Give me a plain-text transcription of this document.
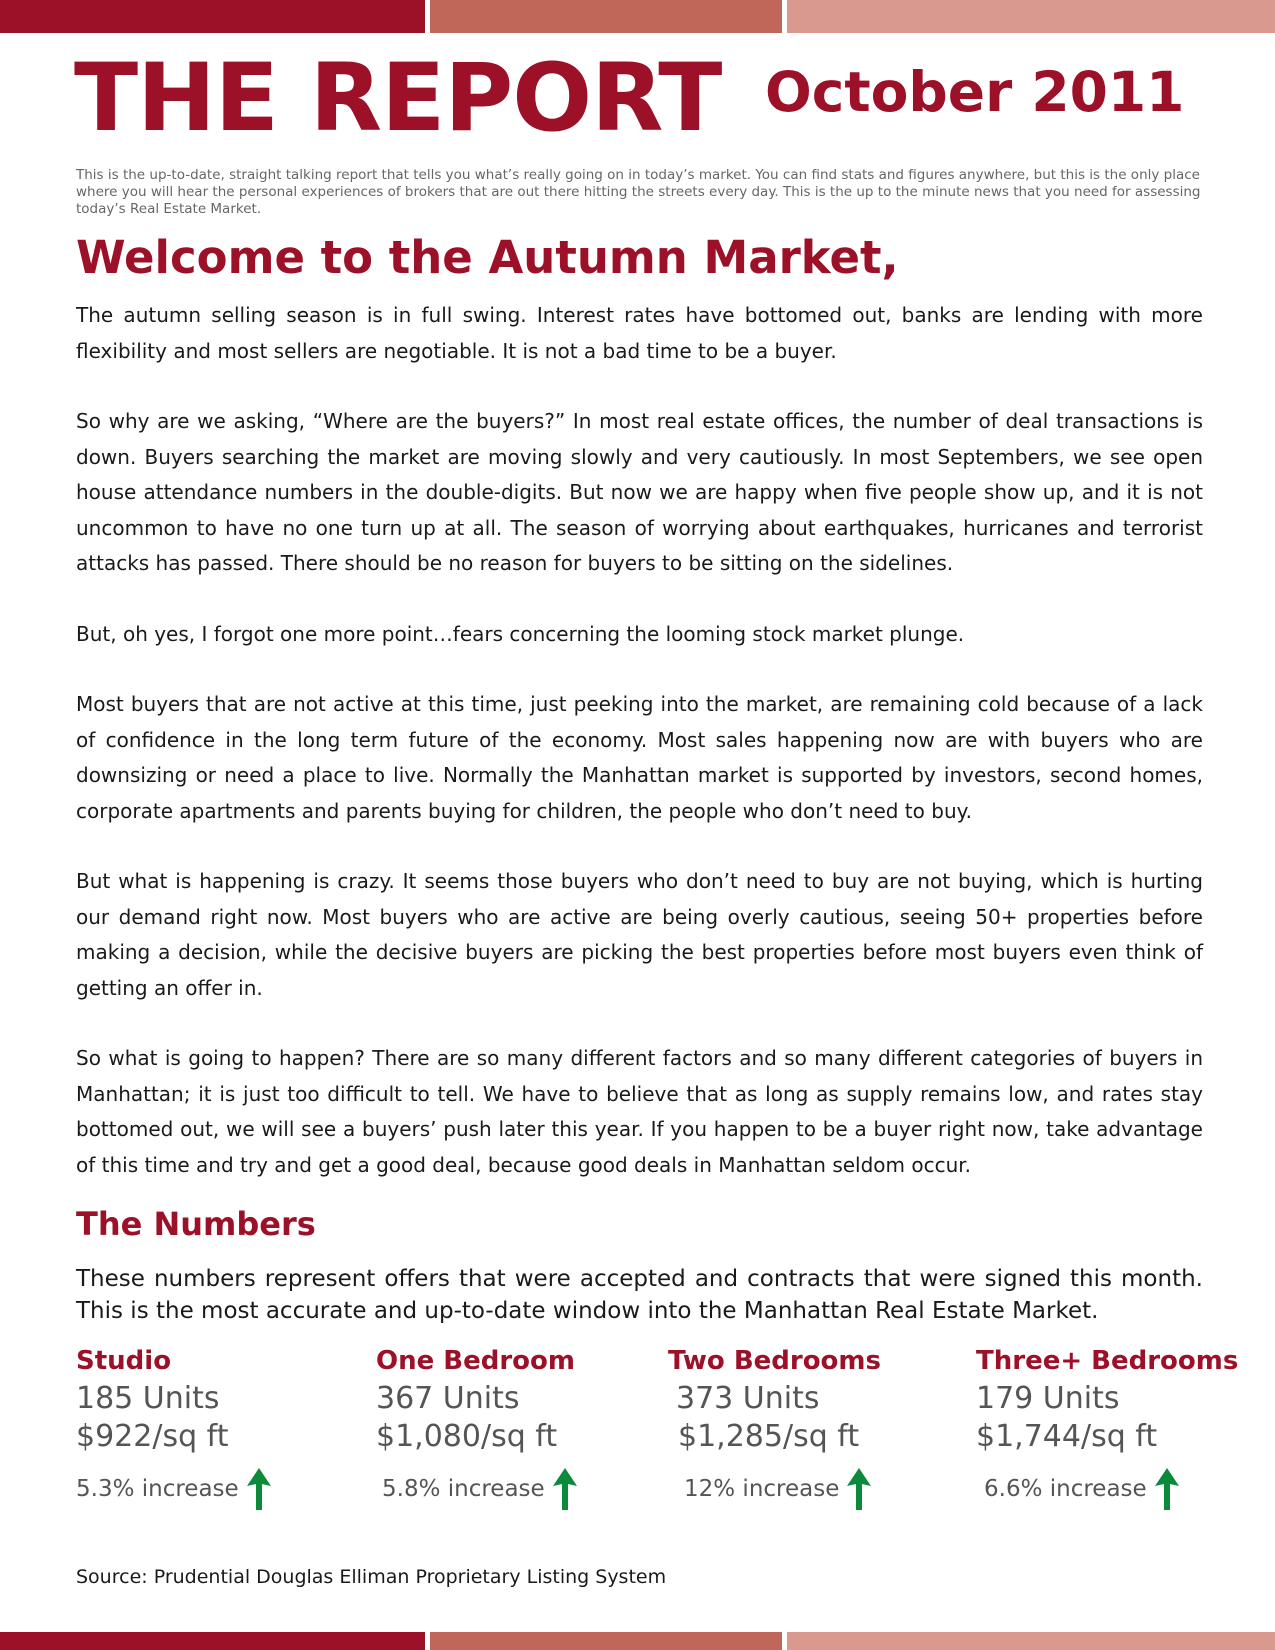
THE REPORT October 2011

This is the up-to-date, straight talking report that tells you what’s really going on in today’s market. You can find stats and figures anywhere, but this is the only place where you will hear the personal experiences of brokers that are out there hitting the streets every day. This is the up to the minute news that you need for assessing today’s Real Estate Market.

Welcome to the Autumn Market,

The autumn selling season is in full swing. Interest rates have bottomed out, banks are lending with more flexibility and most sellers are negotiable. It is not a bad time to be a buyer.

So why are we asking, “Where are the buyers?” In most real estate offices, the number of deal transactions is down. Buyers searching the market are moving slowly and very cautiously. In most Septembers, we see open house attendance numbers in the double-digits. But now we are happy when five people show up, and it is not uncommon to have no one turn up at all. The season of worrying about earthquakes, hurricanes and terrorist attacks has passed. There should be no reason for buyers to be sitting on the sidelines.

But, oh yes, I forgot one more point…fears concerning the looming stock market plunge.

Most buyers that are not active at this time, just peeking into the market, are remaining cold because of a lack of confidence in the long term future of the economy. Most sales happening now are with buyers who are downsizing or need a place to live. Normally the Manhattan market is supported by investors, second homes, corporate apartments and parents buying for children, the people who don’t need to buy.

But what is happening is crazy. It seems those buyers who don’t need to buy are not buying, which is hurting our demand right now. Most buyers who are active are being overly cautious, seeing 50+ properties before making a decision, while the decisive buyers are picking the best properties before most buyers even think of getting an offer in.

So what is going to happen? There are so many different factors and so many different categories of buyers in Manhattan; it is just too difficult to tell. We have to believe that as long as supply remains low, and rates stay bottomed out, we will see a buyers’ push later this year. If you happen to be a buyer right now, take advantage of this time and try and get a good deal, because good deals in Manhattan seldom occur.

The Numbers

These numbers represent offers that were accepted and contracts that were signed this month. This is the most accurate and up-to-date window into the Manhattan Real Estate Market.

Studio
185 Units
$922/sq ft
5.3% increase
One Bedroom
367 Units
$1,080/sq ft
5.8% increase
Two Bedrooms
373 Units
$1,285/sq ft
12% increase
Three+ Bedrooms
179 Units
$1,744/sq ft
6.6% increase

Source: Prudential Douglas Elliman Proprietary Listing System
